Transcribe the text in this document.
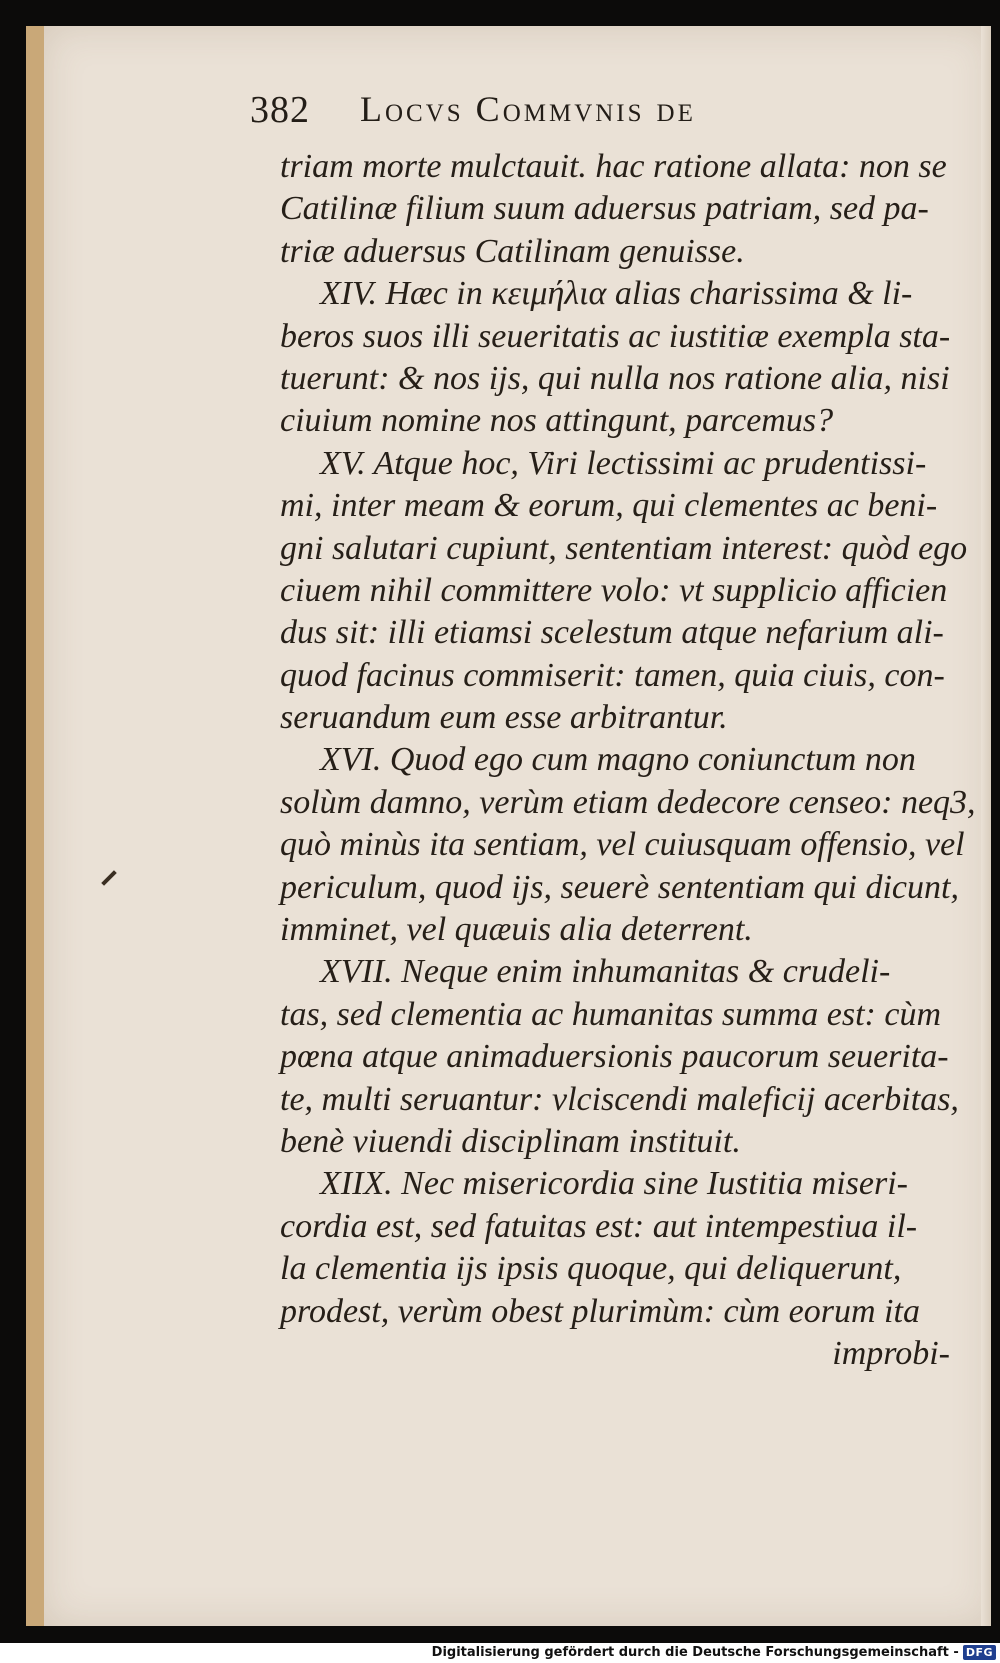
382 Locvs Commvnis de
triam morte mulctauit. hac ratione allata: non se
Catilinæ filium suum aduersus patriam, sed pa-
triæ aduersus Catilinam genuisse.
XIV. Hæc in κειμήλια alias charissima & li-
beros suos illi seueritatis ac iustitiæ exempla sta-
tuerunt: & nos ijs, qui nulla nos ratione alia, nisi
ciuium nomine nos attingunt, parcemus?
XV. Atque hoc, Viri lectissimi ac prudentissi-
mi, inter meam & eorum, qui clementes ac beni-
gni salutari cupiunt, sententiam interest: quòd ego
ciuem nihil committere volo: vt supplicio afficien
dus sit: illi etiamsi scelestum atque nefarium ali-
quod facinus commiserit: tamen, quia ciuis, con-
seruandum eum esse arbitrantur.
XVI. Quod ego cum magno coniunctum non
solùm damno, verùm etiam dedecore censeo: neq3,
quò minùs ita sentiam, vel cuiusquam offensio, vel
periculum, quod ijs, seuerè sententiam qui dicunt,
imminet, vel quæuis alia deterrent.
XVII. Neque enim inhumanitas & crudeli-
tas, sed clementia ac humanitas summa est: cùm
pœna atque animaduersionis paucorum seuerita-
te, multi seruantur: vlciscendi maleficij acerbitas,
benè viuendi disciplinam instituit.
XIIX. Nec misericordia sine Iustitia miseri-
cordia est, sed fatuitas est: aut intempestiua il-
la clementia ijs ipsis quoque, qui deliquerunt,
prodest, verùm obest plurimùm: cùm eorum ita
improbi-
Digitalisierung gefördert durch die Deutsche Forschungsgemeinschaft - DFG
